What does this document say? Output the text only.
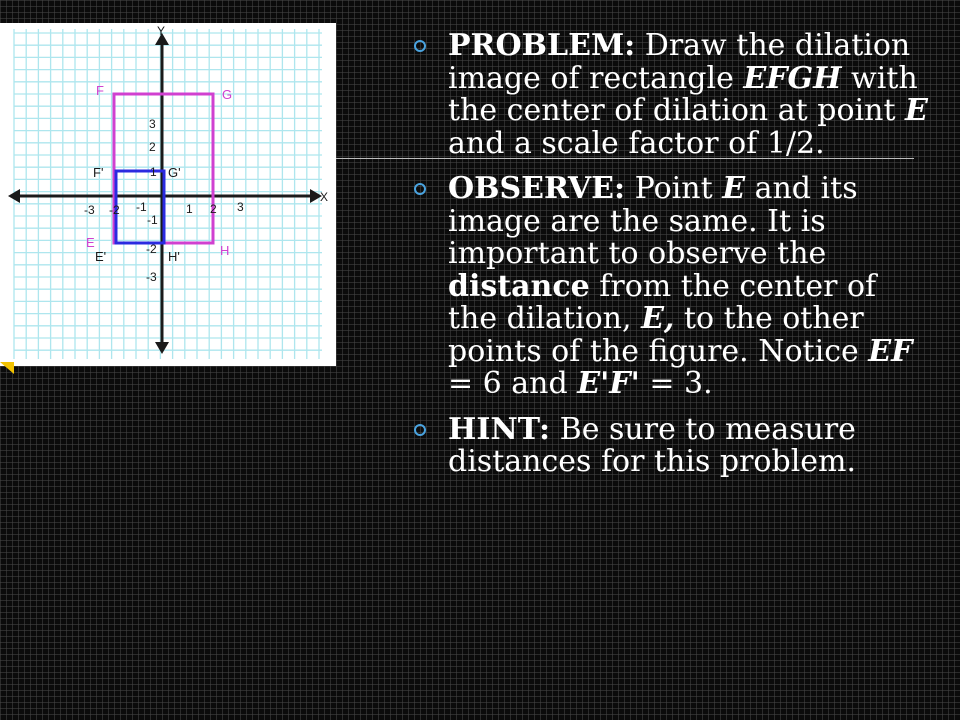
Y
X
-3 -2 -1	1 2 3
3
2
1
-1
-2
-3
F	G
E
H
F'	G'
E'	H'
PROBLEM: Draw the dilation image of rectangle EFGH with the center of dilation at point E and a scale factor of 1/2.
OBSERVE: Point E and its image are the same. It is important to observe the distance from the center of the dilation, E, to the other points of the figure. Notice EF = 6 and E'F' = 3.
HINT: Be sure to measure distances for this problem.
